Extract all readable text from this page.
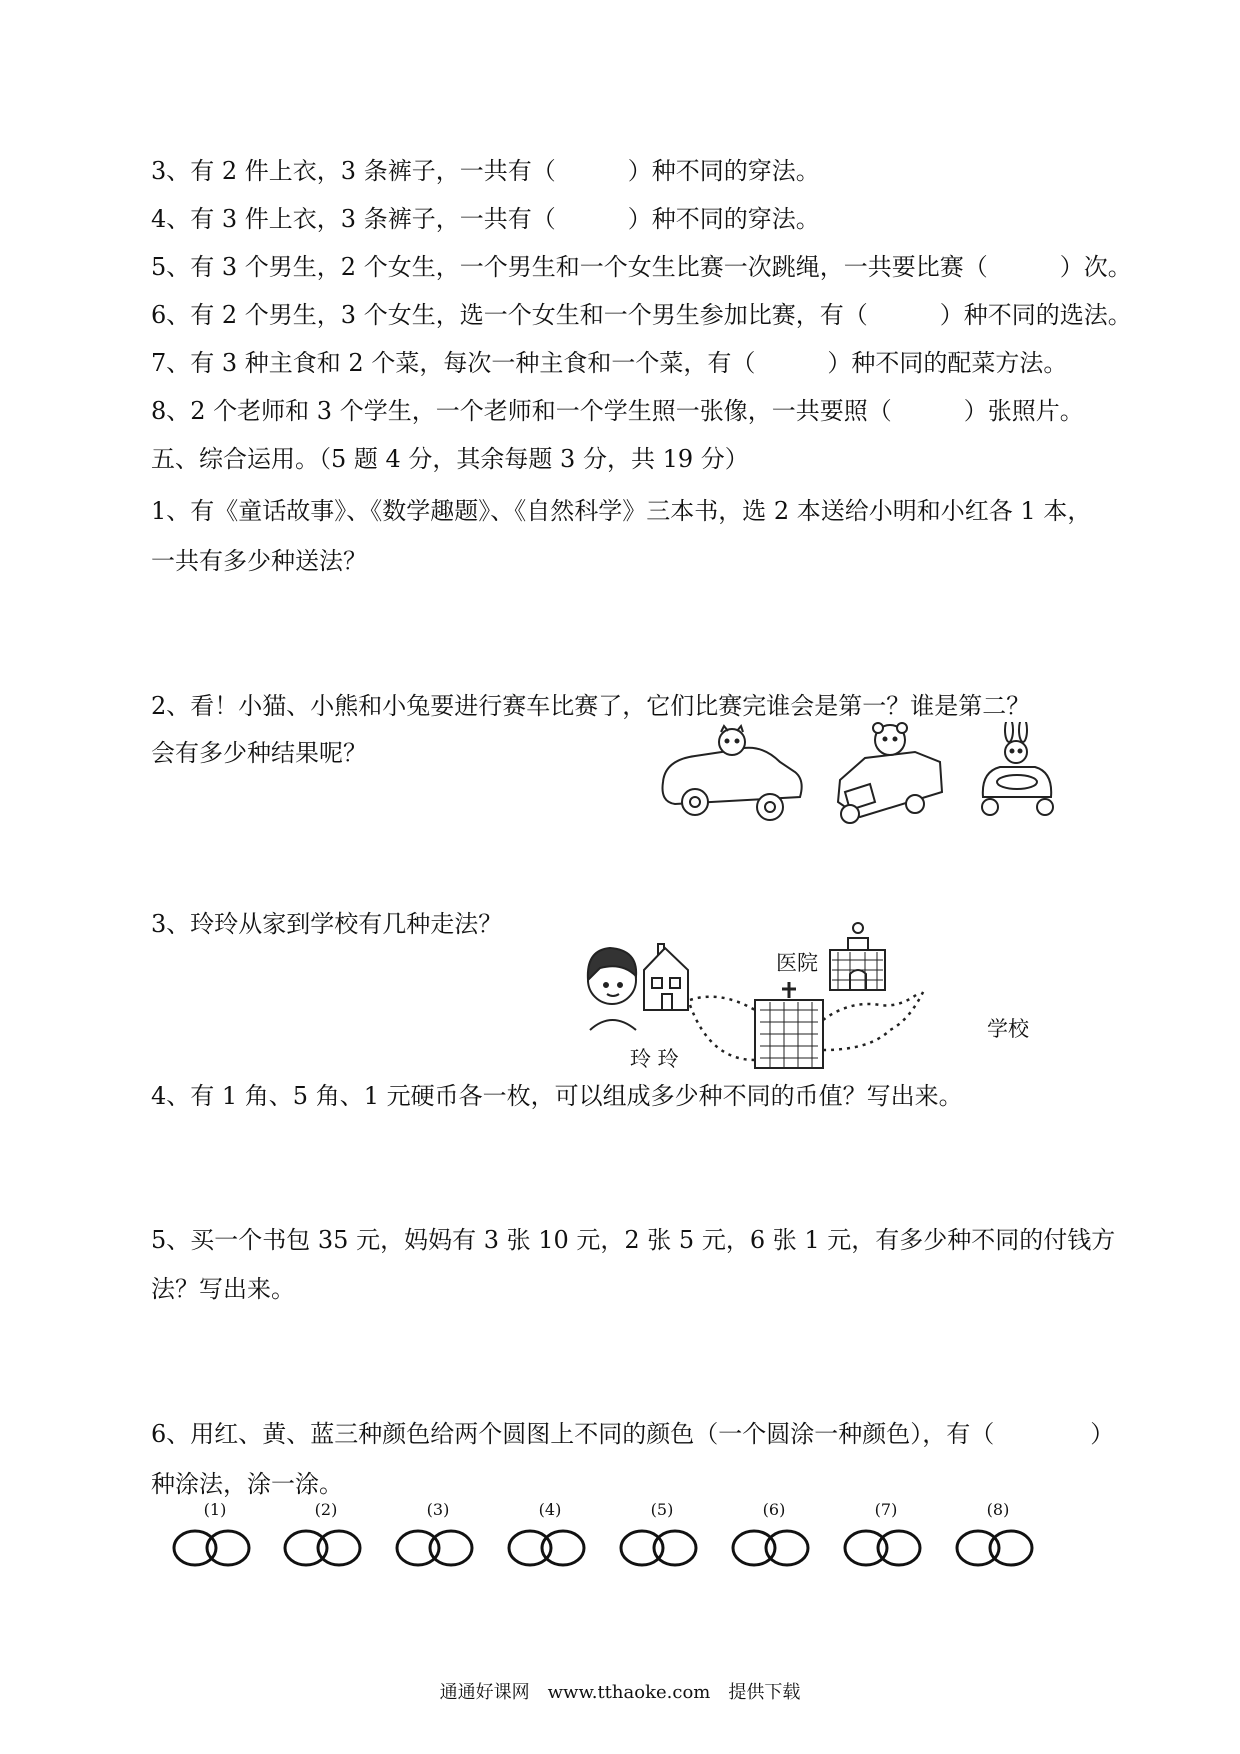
3、有 2 件上衣，3 条裤子，一共有（　　　）种不同的穿法。
4、有 3 件上衣，3 条裤子，一共有（　　　）种不同的穿法。
5、有 3 个男生，2 个女生，一个男生和一个女生比赛一次跳绳，一共要比赛（　　　）次。
6、有 2 个男生，3 个女生，选一个女生和一个男生参加比赛，有（　　　）种不同的选法。
7、有 3 种主食和 2 个菜，每次一种主食和一个菜，有（　　　）种不同的配菜方法。
8、2 个老师和 3 个学生，一个老师和一个学生照一张像，一共要照（　　　）张照片。
五、综合运用。（5 题 4 分，其余每题 3 分，共 19 分）
1、有《童话故事》、《数学趣题》、《自然科学》三本书，选 2 本送给小明和小红各 1 本，
一共有多少种送法？
2、看！小猫、小熊和小兔要进行赛车比赛了，它们比赛完谁会是第一？谁是第二？
会有多少种结果呢？
3、玲玲从家到学校有几种走法？
医院
学校
玲 玲
4、有 1 角、5 角、1 元硬币各一枚，可以组成多少种不同的币值？写出来。
5、买一个书包 35 元，妈妈有 3 张 10 元，2 张 5 元，6 张 1 元，有多少种不同的付钱方
法？写出来。
6、用红、黄、蓝三种颜色给两个圆图上不同的颜色（一个圆涂一种颜色），有（　　　　）
种涂法，涂一涂。
(1)	(2)	(3)	(4)	(5)	(6)	(7)	(8)
通通好课网　www.tthaoke.com　提供下载
